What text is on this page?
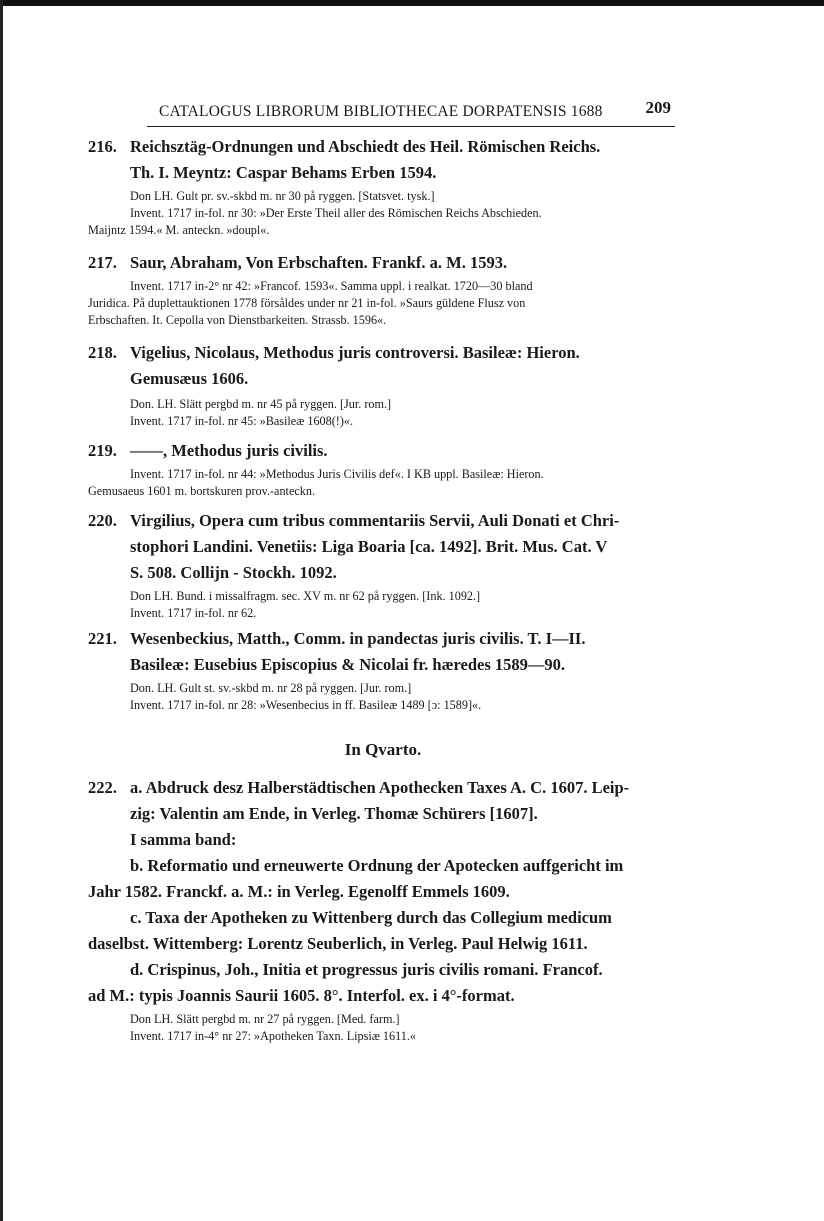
CATALOGUS LIBRORUM BIBLIOTHECAE DORPATENSIS 1688	209
216. Reichsztäg-Ordnungen und Abschiedt des Heil. Römischen Reichs.
Th. I. Meyntz: Caspar Behams Erben 1594.
Don LH. Gult pr. sv.-skbd m. nr 30 på ryggen. [Statsvet. tysk.]
Invent. 1717 in-fol. nr 30: »Der Erste Theil aller des Römischen Reichs Abschieden.
Maijntz 1594.« M. anteckn. »doupl«.
217. Saur, Abraham, Von Erbschaften. Frankf. a. M. 1593.
Invent. 1717 in-2° nr 42: »Francof. 1593«. Samma uppl. i realkat. 1720—30 bland
Juridica. På duplettauktionen 1778 försåldes under nr 21 in-fol. »Saurs güldene Flusz von
Erbschaften. It. Cepolla von Dienstbarkeiten. Strassb. 1596«.
218. Vigelius, Nicolaus, Methodus juris controversi. Basileæ: Hieron.
Gemusæus 1606.
Don. LH. Slätt pergbd m. nr 45 på ryggen. [Jur. rom.]
Invent. 1717 in-fol. nr 45: »Basileæ 1608(!)«.
219. ——, Methodus juris civilis.
Invent. 1717 in-fol. nr 44: »Methodus Juris Civilis def«. I KB uppl. Basileæ: Hieron.
Gemusaeus 1601 m. bortskuren prov.-anteckn.
220. Virgilius, Opera cum tribus commentariis Servii, Auli Donati et Chri-
stophori Landini. Venetiis: Liga Boaria [ca. 1492]. Brit. Mus. Cat. V
S. 508. Collijn - Stockh. 1092.
Don LH. Bund. i missalfragm. sec. XV m. nr 62 på ryggen. [Ink. 1092.]
Invent. 1717 in-fol. nr 62.
221. Wesenbeckius, Matth., Comm. in pandectas juris civilis. T. I—II.
Basileæ: Eusebius Episcopius & Nicolai fr. hæredes 1589—90.
Don. LH. Gult st. sv.-skbd m. nr 28 på ryggen. [Jur. rom.]
Invent. 1717 in-fol. nr 28: »Wesenbecius in ff. Basileæ 1489 [ɔ: 1589]«.
In Qvarto.
222. a. Abdruck desz Halberstädtischen Apothecken Taxes A. C. 1607. Leip-
zig: Valentin am Ende, in Verleg. Thomæ Schürers [1607].
I samma band:
b. Reformatio und erneuwerte Ordnung der Apotecken auffgericht im
Jahr 1582. Franckf. a. M.: in Verleg. Egenolff Emmels 1609.
c. Taxa der Apotheken zu Wittenberg durch das Collegium medicum
daselbst. Wittemberg: Lorentz Seuberlich, in Verleg. Paul Helwig 1611.
d. Crispinus, Joh., Initia et progressus juris civilis romani. Francof.
ad M.: typis Joannis Saurii 1605. 8°. Interfol. ex. i 4°-format.
Don LH. Slätt pergbd m. nr 27 på ryggen. [Med. farm.]
Invent. 1717 in-4° nr 27: »Apotheken Taxn. Lipsiæ 1611.«
